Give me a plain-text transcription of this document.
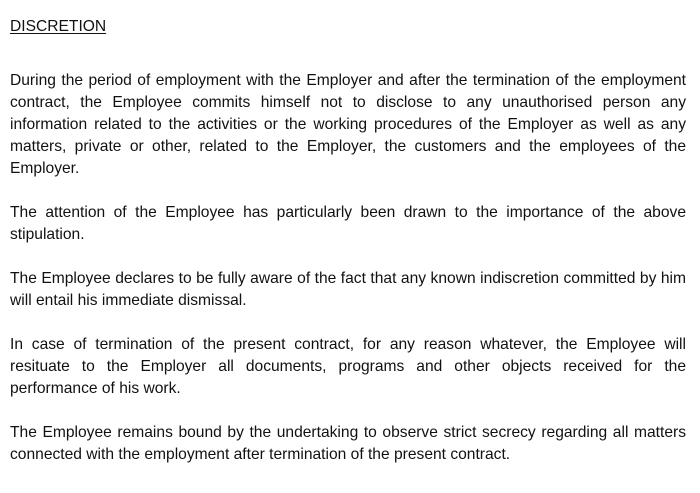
DISCRETION

During the period of employment with the Employer and after the termination of the employment contract, the Employee commits himself not to disclose to any unauthorised person any information related to the activities or the working procedures of the Employer as well as any matters, private or other, related to the Employer, the customers and the employees of the Employer.

The attention of the Employee has particularly been drawn to the importance of the above stipulation.

The Employee declares to be fully aware of the fact that any known indiscretion committed by him will entail his immediate dismissal.

In case of termination of the present contract, for any reason whatever, the Employee will resituate to the Employer all documents, programs and other objects received for the performance of his work.

The Employee remains bound by the undertaking to observe strict secrecy regarding all matters connected with the employment after termination of the present contract.
